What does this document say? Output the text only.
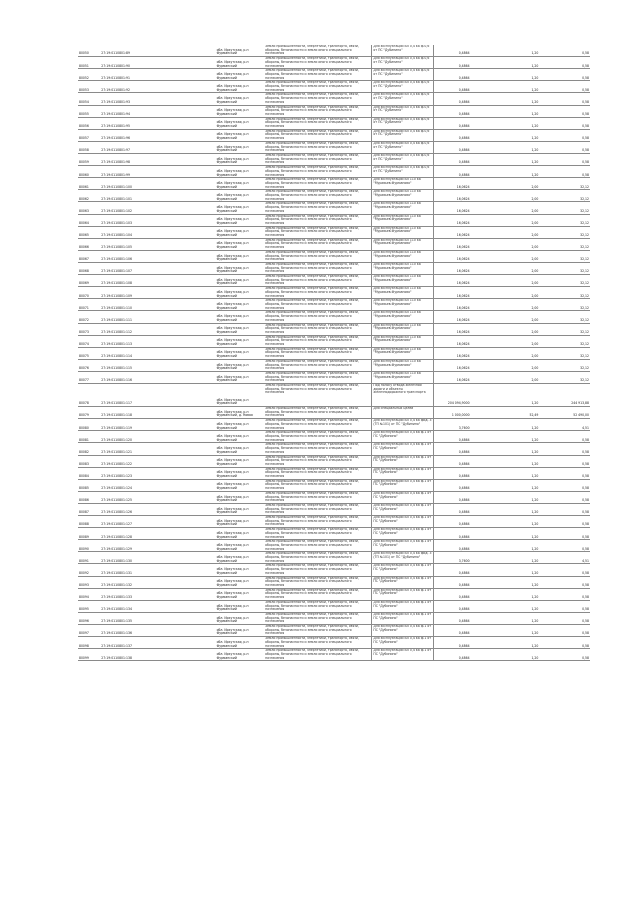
80050	27:19:0110801:89	обл. Иркутская, р-н Фурманский	Земли промышленности, энергетики, транспорта, связи, обороны, безопасности и земли иного специального назначения	Для эксплуатации ВЛ 0,4 кВ ф.0,6 от ПС "Дубинино"	0,4864	1,20	0,58
80051	27:19:0110801:90	обл. Иркутская, р-н Фурманский	Земли промышленности, энергетики, транспорта, связи, обороны, безопасности и земли иного специального назначения	Для эксплуатации ВЛ 0,4 кВ ф.0,6 от ПС "Дубинино"	0,4864	1,20	0,58
80052	27:19:0110801:91	обл. Иркутская, р-н Фурманский	Земли промышленности, энергетики, транспорта, связи, обороны, безопасности и земли иного специального назначения	Для эксплуатации ВЛ 0,4 кВ ф.0,6 от ПС "Дубинино"	0,4864	1,20	0,58
80053	27:19:0110801:92	обл. Иркутская, р-н Фурманский	Земли промышленности, энергетики, транспорта, связи, обороны, безопасности и земли иного специального назначения	Для эксплуатации ВЛ 0,4 кВ ф.0,6 от ПС "Дубинино"	0,4864	1,20	0,58
80054	27:19:0110801:93	обл. Иркутская, р-н Фурманский	Земли промышленности, энергетики, транспорта, связи, обороны, безопасности и земли иного специального назначения	Для эксплуатации ВЛ 0,4 кВ ф.0,6 от ПС "Дубинино"	0,4864	1,20	0,58
80055	27:19:0110801:94	обл. Иркутская, р-н Фурманский	Земли промышленности, энергетики, транспорта, связи, обороны, безопасности и земли иного специального назначения	Для эксплуатации ВЛ 0,4 кВ ф.0,6 от ПС "Дубинино"	0,4864	1,20	0,58
80056	27:19:0110801:95	обл. Иркутская, р-н Фурманский	Земли промышленности, энергетики, транспорта, связи, обороны, безопасности и земли иного специального назначения	Для эксплуатации ВЛ 0,4 кВ ф.0,6 от ПС "Дубинино"	0,4864	1,20	0,58
80057	27:19:0110801:96	обл. Иркутская, р-н Фурманский	Земли промышленности, энергетики, транспорта, связи, обороны, безопасности и земли иного специального назначения	Для эксплуатации ВЛ 0,4 кВ ф.0,6 от ПС "Дубинино"	0,4864	1,20	0,58
80058	27:19:0110801:97	обл. Иркутская, р-н Фурманский	Земли промышленности, энергетики, транспорта, связи, обороны, безопасности и земли иного специального назначения	Для эксплуатации ВЛ 0,4 кВ ф.0,6 от ПС "Дубинино"	0,4864	1,20	0,58
80059	27:19:0110801:98	обл. Иркутская, р-н Фурманский	Земли промышленности, энергетики, транспорта, связи, обороны, безопасности и земли иного специального назначения	Для эксплуатации ВЛ 0,4 кВ ф.0,6 от ПС "Дубинино"	0,4864	1,20	0,58
80060	27:19:0110801:99	обл. Иркутская, р-н Фурманский	Земли промышленности, энергетики, транспорта, связи, обороны, безопасности и земли иного специального назначения	Для эксплуатации ВЛ 0,4 кВ ф.0,6 от ПС "Дубинино"	0,4864	1,20	0,58
80061	27:19:0110801:100	обл. Иркутская, р-н Фурманский	Земли промышленности, энергетики, транспорта, связи, обороны, безопасности и земли иного специального назначения	Для эксплуатации ВЛ 110 кВ "Муравьев-Фурманово"	16,0624	2,00	32,12
80062	27:19:0110801:101	обл. Иркутская, р-н Фурманский	Земли промышленности, энергетики, транспорта, связи, обороны, безопасности и земли иного специального назначения	Для эксплуатации ВЛ 110 кВ "Муравьев-Фурманово"	16,0624	2,00	32,12
80063	27:19:0110801:102	обл. Иркутская, р-н Фурманский	Земли промышленности, энергетики, транспорта, связи, обороны, безопасности и земли иного специального назначения	Для эксплуатации ВЛ 110 кВ "Муравьев-Фурманово"	16,0624	2,00	32,12
80064	27:19:0110801:103	обл. Иркутская, р-н Фурманский	Земли промышленности, энергетики, транспорта, связи, обороны, безопасности и земли иного специального назначения	Для эксплуатации ВЛ 110 кВ "Муравьев-Фурманово"	16,0624	2,00	32,12
80065	27:19:0110801:104	обл. Иркутская, р-н Фурманский	Земли промышленности, энергетики, транспорта, связи, обороны, безопасности и земли иного специального назначения	Для эксплуатации ВЛ 110 кВ "Муравьев-Фурманово"	16,0624	2,00	32,12
80066	27:19:0110801:105	обл. Иркутская, р-н Фурманский	Земли промышленности, энергетики, транспорта, связи, обороны, безопасности и земли иного специального назначения	Для эксплуатации ВЛ 110 кВ "Муравьев-Фурманово"	16,0624	2,00	32,12
80067	27:19:0110801:106	обл. Иркутская, р-н Фурманский	Земли промышленности, энергетики, транспорта, связи, обороны, безопасности и земли иного специального назначения	Для эксплуатации ВЛ 110 кВ "Муравьев-Фурманово"	16,0624	2,00	32,12
80068	27:19:0110801:107	обл. Иркутская, р-н Фурманский	Земли промышленности, энергетики, транспорта, связи, обороны, безопасности и земли иного специального назначения	Для эксплуатации ВЛ 110 кВ "Муравьев-Фурманово"	16,0624	2,00	32,12
80069	27:19:0110801:108	обл. Иркутская, р-н Фурманский	Земли промышленности, энергетики, транспорта, связи, обороны, безопасности и земли иного специального назначения	Для эксплуатации ВЛ 110 кВ "Муравьев-Фурманово"	16,0624	2,00	32,12
80070	27:19:0110801:109	обл. Иркутская, р-н Фурманский	Земли промышленности, энергетики, транспорта, связи, обороны, безопасности и земли иного специального назначения	Для эксплуатации ВЛ 110 кВ "Муравьев-Фурманово"	16,0624	2,00	32,12
80071	27:19:0110801:110	обл. Иркутская, р-н Фурманский	Земли промышленности, энергетики, транспорта, связи, обороны, безопасности и земли иного специального назначения	Для эксплуатации ВЛ 110 кВ "Муравьев-Фурманово"	16,0624	2,00	32,12
80072	27:19:0110801:111	обл. Иркутская, р-н Фурманский	Земли промышленности, энергетики, транспорта, связи, обороны, безопасности и земли иного специального назначения	Для эксплуатации ВЛ 110 кВ "Муравьев-Фурманово"	16,0624	2,00	32,12
80073	27:19:0110801:112	обл. Иркутская, р-н Фурманский	Земли промышленности, энергетики, транспорта, связи, обороны, безопасности и земли иного специального назначения	Для эксплуатации ВЛ 110 кВ "Муравьев-Фурманово"	16,0624	2,00	32,12
80074	27:19:0110801:113	обл. Иркутская, р-н Фурманский	Земли промышленности, энергетики, транспорта, связи, обороны, безопасности и земли иного специального назначения	Для эксплуатации ВЛ 110 кВ "Муравьев-Фурманово"	16,0624	2,00	32,12
80075	27:19:0110801:114	обл. Иркутская, р-н Фурманский	Земли промышленности, энергетики, транспорта, связи, обороны, безопасности и земли иного специального назначения	Для эксплуатации ВЛ 110 кВ "Муравьев-Фурманово"	16,0624	2,00	32,12
80076	27:19:0110801:115	обл. Иркутская, р-н Фурманский	Земли промышленности, энергетики, транспорта, связи, обороны, безопасности и земли иного специального назначения	Для эксплуатации ВЛ 110 кВ "Муравьев-Фурманово"	16,0624	2,00	32,12
80077	27:19:0110801:116	обл. Иркутская, р-н Фурманский	Земли промышленности, энергетики, транспорта, связи, обороны, безопасности и земли иного специального назначения	Для эксплуатации ВЛ 110 кВ "Муравьев-Фурманово"	16,0624	2,00	32,12
80078	27:19:0110801:117	обл. Иркутская, р-н Фурманский	Земли промышленности, энергетики, транспорта, связи, обороны, безопасности и земли иного специального назначения	Под полосу отвода железной дороги и объекты железнодорожного транспорта	204 094,9000	1,20	244 913,88
80079	27:19:0110801:118	обл. Иркутская, р-н Фурманский, д. Новая	Земли промышленности, энергетики, транспорта, связи, обороны, безопасности и земли иного специального назначения	Для специальных целей	1 000,0000	52,49	52 490,00
80080	27:19:0110801:119	обл. Иркутская, р-н Фурманский	Земли промышленности, энергетики, транспорта, связи, обороны, безопасности и земли иного специального назначения	Для эксплуатации ВЛ 0,4 кВ фид. 3 (ТП №101) от ПС "Дубинино"	3,7600	1,20	4,51
80081	27:19:0110801:120	обл. Иркутская, р-н Фурманский	Земли промышленности, энергетики, транспорта, связи, обороны, безопасности и земли иного специального назначения	Для эксплуатации ВЛ 0,4 кВ ф.1 от ПС "Дубинино"	0,4864	1,20	0,58
80082	27:19:0110801:121	обл. Иркутская, р-н Фурманский	Земли промышленности, энергетики, транспорта, связи, обороны, безопасности и земли иного специального назначения	Для эксплуатации ВЛ 0,4 кВ ф.1 от ПС "Дубинино"	0,4864	1,20	0,58
80083	27:19:0110801:122	обл. Иркутская, р-н Фурманский	Земли промышленности, энергетики, транспорта, связи, обороны, безопасности и земли иного специального назначения	Для эксплуатации ВЛ 0,4 кВ ф.1 от ПС "Дубинино"	0,4864	1,20	0,58
80084	27:19:0110801:123	обл. Иркутская, р-н Фурманский	Земли промышленности, энергетики, транспорта, связи, обороны, безопасности и земли иного специального назначения	Для эксплуатации ВЛ 0,4 кВ ф.1 от ПС "Дубинино"	0,4864	1,20	0,58
80085	27:19:0110801:124	обл. Иркутская, р-н Фурманский	Земли промышленности, энергетики, транспорта, связи, обороны, безопасности и земли иного специального назначения	Для эксплуатации ВЛ 0,4 кВ ф.1 от ПС "Дубинино"	0,4864	1,20	0,58
80086	27:19:0110801:125	обл. Иркутская, р-н Фурманский	Земли промышленности, энергетики, транспорта, связи, обороны, безопасности и земли иного специального назначения	Для эксплуатации ВЛ 0,4 кВ ф.1 от ПС "Дубинино"	0,4864	1,20	0,58
80087	27:19:0110801:126	обл. Иркутская, р-н Фурманский	Земли промышленности, энергетики, транспорта, связи, обороны, безопасности и земли иного специального назначения	Для эксплуатации ВЛ 0,4 кВ ф.1 от ПС "Дубинино"	0,4864	1,20	0,58
80088	27:19:0110801:127	обл. Иркутская, р-н Фурманский	Земли промышленности, энергетики, транспорта, связи, обороны, безопасности и земли иного специального назначения	Для эксплуатации ВЛ 0,4 кВ ф.1 от ПС "Дубинино"	0,4864	1,20	0,58
80089	27:19:0110801:128	обл. Иркутская, р-н Фурманский	Земли промышленности, энергетики, транспорта, связи, обороны, безопасности и земли иного специального назначения	Для эксплуатации ВЛ 0,4 кВ ф.1 от ПС "Дубинино"	0,4864	1,20	0,58
80090	27:19:0110801:129	обл. Иркутская, р-н Фурманский	Земли промышленности, энергетики, транспорта, связи, обороны, безопасности и земли иного специального назначения	Для эксплуатации ВЛ 0,4 кВ ф.1 от ПС "Дубинино"	0,4864	1,20	0,58
80091	27:19:0110801:130	обл. Иркутская, р-н Фурманский	Земли промышленности, энергетики, транспорта, связи, обороны, безопасности и земли иного специального назначения	Для эксплуатации ВЛ 0,4 кВ фид. 3 (ТП №101) от ПС "Дубинино"	3,7600	1,20	4,51
80092	27:19:0110801:131	обл. Иркутская, р-н Фурманский	Земли промышленности, энергетики, транспорта, связи, обороны, безопасности и земли иного специального назначения	Для эксплуатации ВЛ 0,4 кВ ф.1 от ПС "Дубинино"	0,4864	1,20	0,58
80093	27:19:0110801:132	обл. Иркутская, р-н Фурманский	Земли промышленности, энергетики, транспорта, связи, обороны, безопасности и земли иного специального назначения	Для эксплуатации ВЛ 0,4 кВ ф.1 от ПС "Дубинино"	0,4864	1,20	0,58
80094	27:19:0110801:133	обл. Иркутская, р-н Фурманский	Земли промышленности, энергетики, транспорта, связи, обороны, безопасности и земли иного специального назначения	Для эксплуатации ВЛ 0,4 кВ ф.1 от ПС "Дубинино"	0,4864	1,20	0,58
80095	27:19:0110801:134	обл. Иркутская, р-н Фурманский	Земли промышленности, энергетики, транспорта, связи, обороны, безопасности и земли иного специального назначения	Для эксплуатации ВЛ 0,4 кВ ф.1 от ПС "Дубинино"	0,4864	1,20	0,58
80096	27:19:0110801:135	обл. Иркутская, р-н Фурманский	Земли промышленности, энергетики, транспорта, связи, обороны, безопасности и земли иного специального назначения	Для эксплуатации ВЛ 0,4 кВ ф.1 от ПС "Дубинино"	0,4864	1,20	0,58
80097	27:19:0110801:136	обл. Иркутская, р-н Фурманский	Земли промышленности, энергетики, транспорта, связи, обороны, безопасности и земли иного специального назначения	Для эксплуатации ВЛ 0,4 кВ ф.1 от ПС "Дубинино"	0,4864	1,20	0,58
80098	27:19:0110801:137	обл. Иркутская, р-н Фурманский	Земли промышленности, энергетики, транспорта, связи, обороны, безопасности и земли иного специального назначения	Для эксплуатации ВЛ 0,4 кВ ф.1 от ПС "Дубинино"	0,4864	1,20	0,58
80099	27:19:0110801:138	обл. Иркутская, р-н Фурманский	Земли промышленности, энергетики, транспорта, связи, обороны, безопасности и земли иного специального назначения	Для эксплуатации ВЛ 0,4 кВ ф.1 от ПС "Дубинино"	0,4864	1,20	0,58
